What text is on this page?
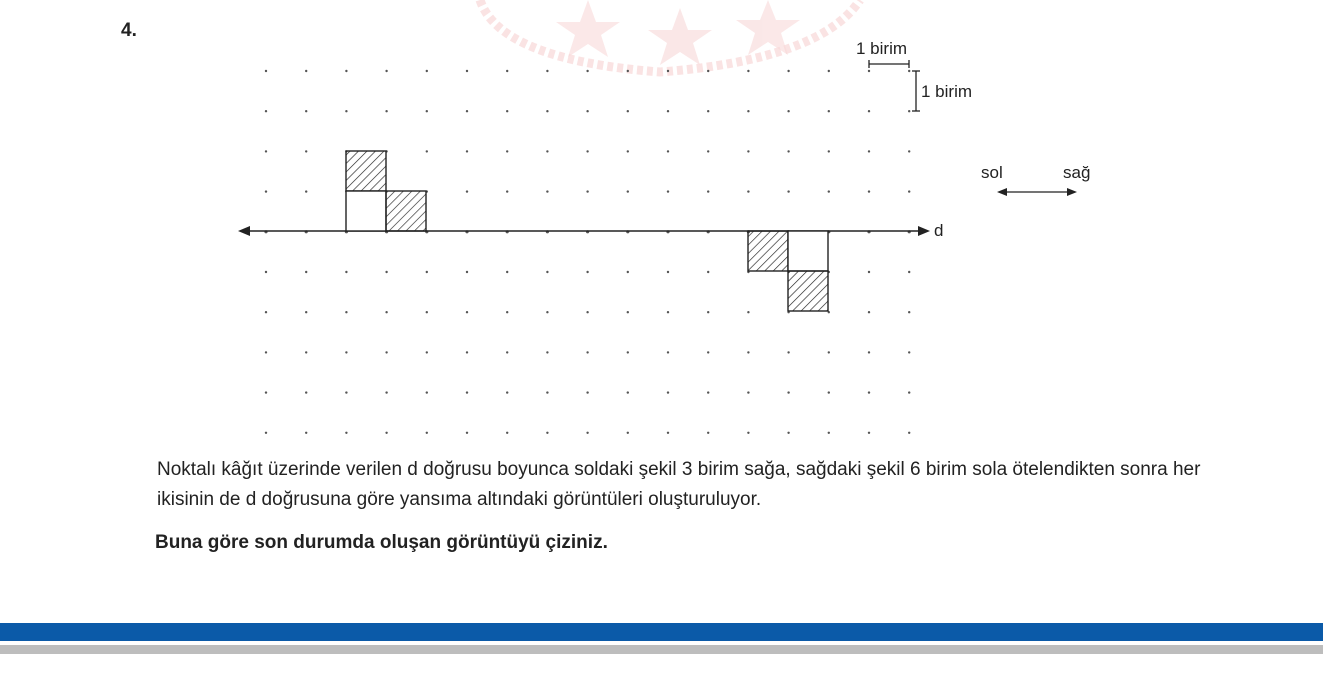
4.
d
1 birim
1 birim
sol	sağ

Noktalı kâğıt üzerinde verilen d doğrusu boyunca soldaki şekil 3 birim sağa, sağdaki şekil 6 birim sola ötelendikten sonra her ikisinin de d doğrusuna göre yansıma altındaki görüntüleri oluşturuluyor.

Buna göre son durumda oluşan görüntüyü çiziniz.
